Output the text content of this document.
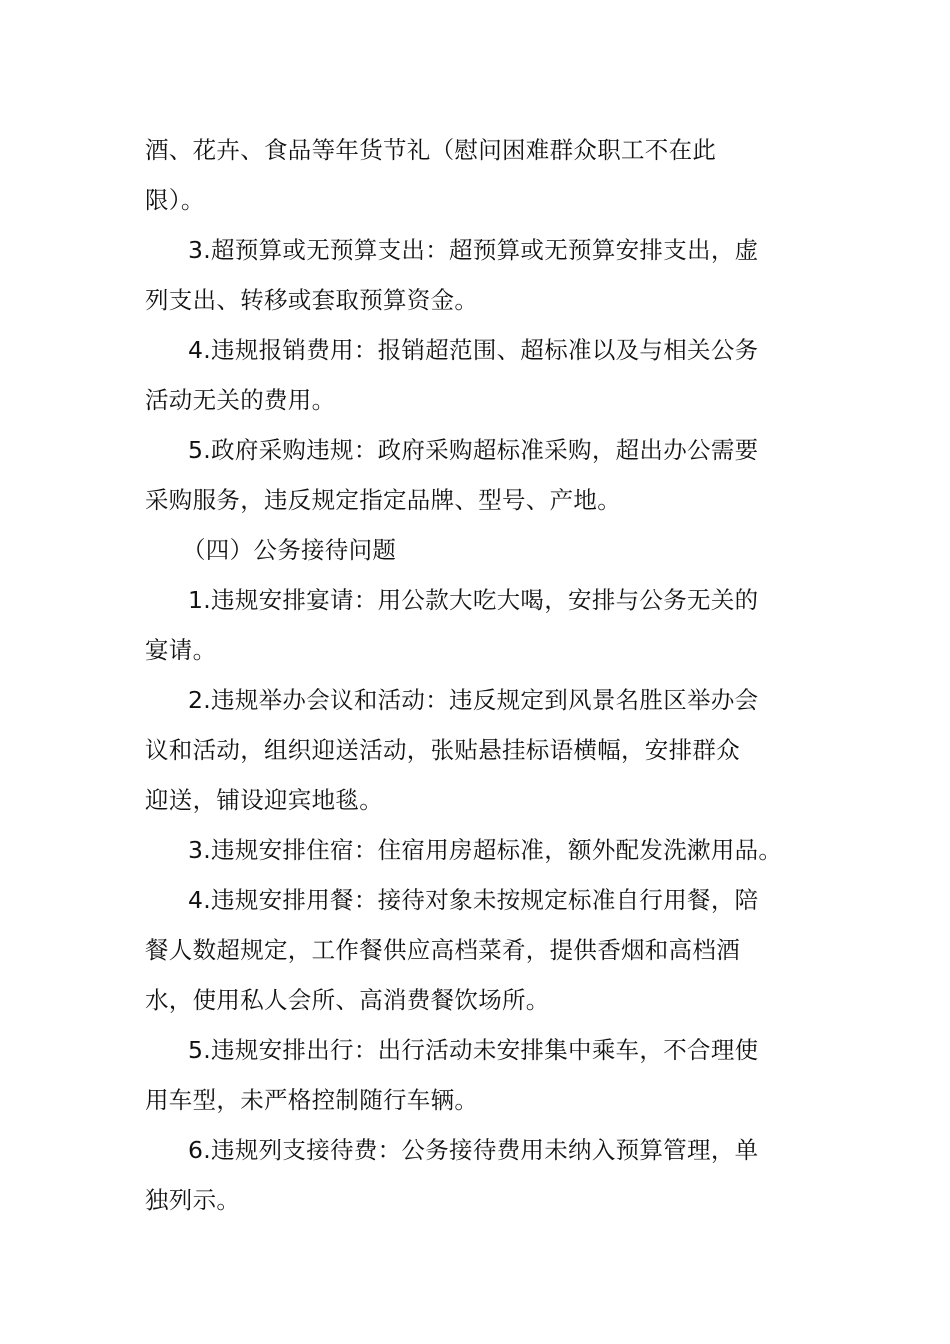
酒、花卉、食品等年货节礼（慰问困难群众职工不在此
限）。
3.超预算或无预算支出：超预算或无预算安排支出，虚
列支出、转移或套取预算资金。
4.违规报销费用：报销超范围、超标准以及与相关公务
活动无关的费用。
5.政府采购违规：政府采购超标准采购，超出办公需要
采购服务，违反规定指定品牌、型号、产地。
（四）公务接待问题
1.违规安排宴请：用公款大吃大喝，安排与公务无关的
宴请。
2.违规举办会议和活动：违反规定到风景名胜区举办会
议和活动，组织迎送活动，张贴悬挂标语横幅，安排群众
迎送，铺设迎宾地毯。
3.违规安排住宿：住宿用房超标准，额外配发洗漱用品。
4.违规安排用餐：接待对象未按规定标准自行用餐，陪
餐人数超规定，工作餐供应高档菜肴，提供香烟和高档酒
水，使用私人会所、高消费餐饮场所。
5.违规安排出行：出行活动未安排集中乘车，不合理使
用车型，未严格控制随行车辆。
6.违规列支接待费：公务接待费用未纳入预算管理，单
独列示。
